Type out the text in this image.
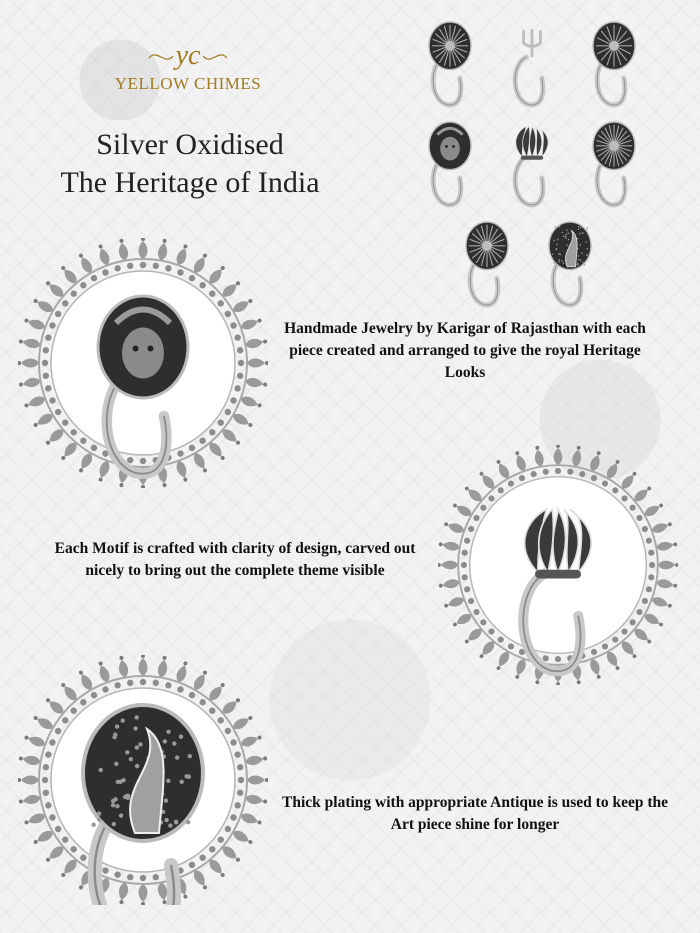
yc
YELLOW CHIMES
Silver Oxidised
The Heritage of India
Handmade Jewelry by Karigar of Rajasthan with each piece created and arranged to give the royal Heritage Looks
Each Motif is crafted with clarity of design, carved out nicely to bring out the complete theme visible
Thick plating with appropriate Antique is used to keep the Art piece shine for longer
